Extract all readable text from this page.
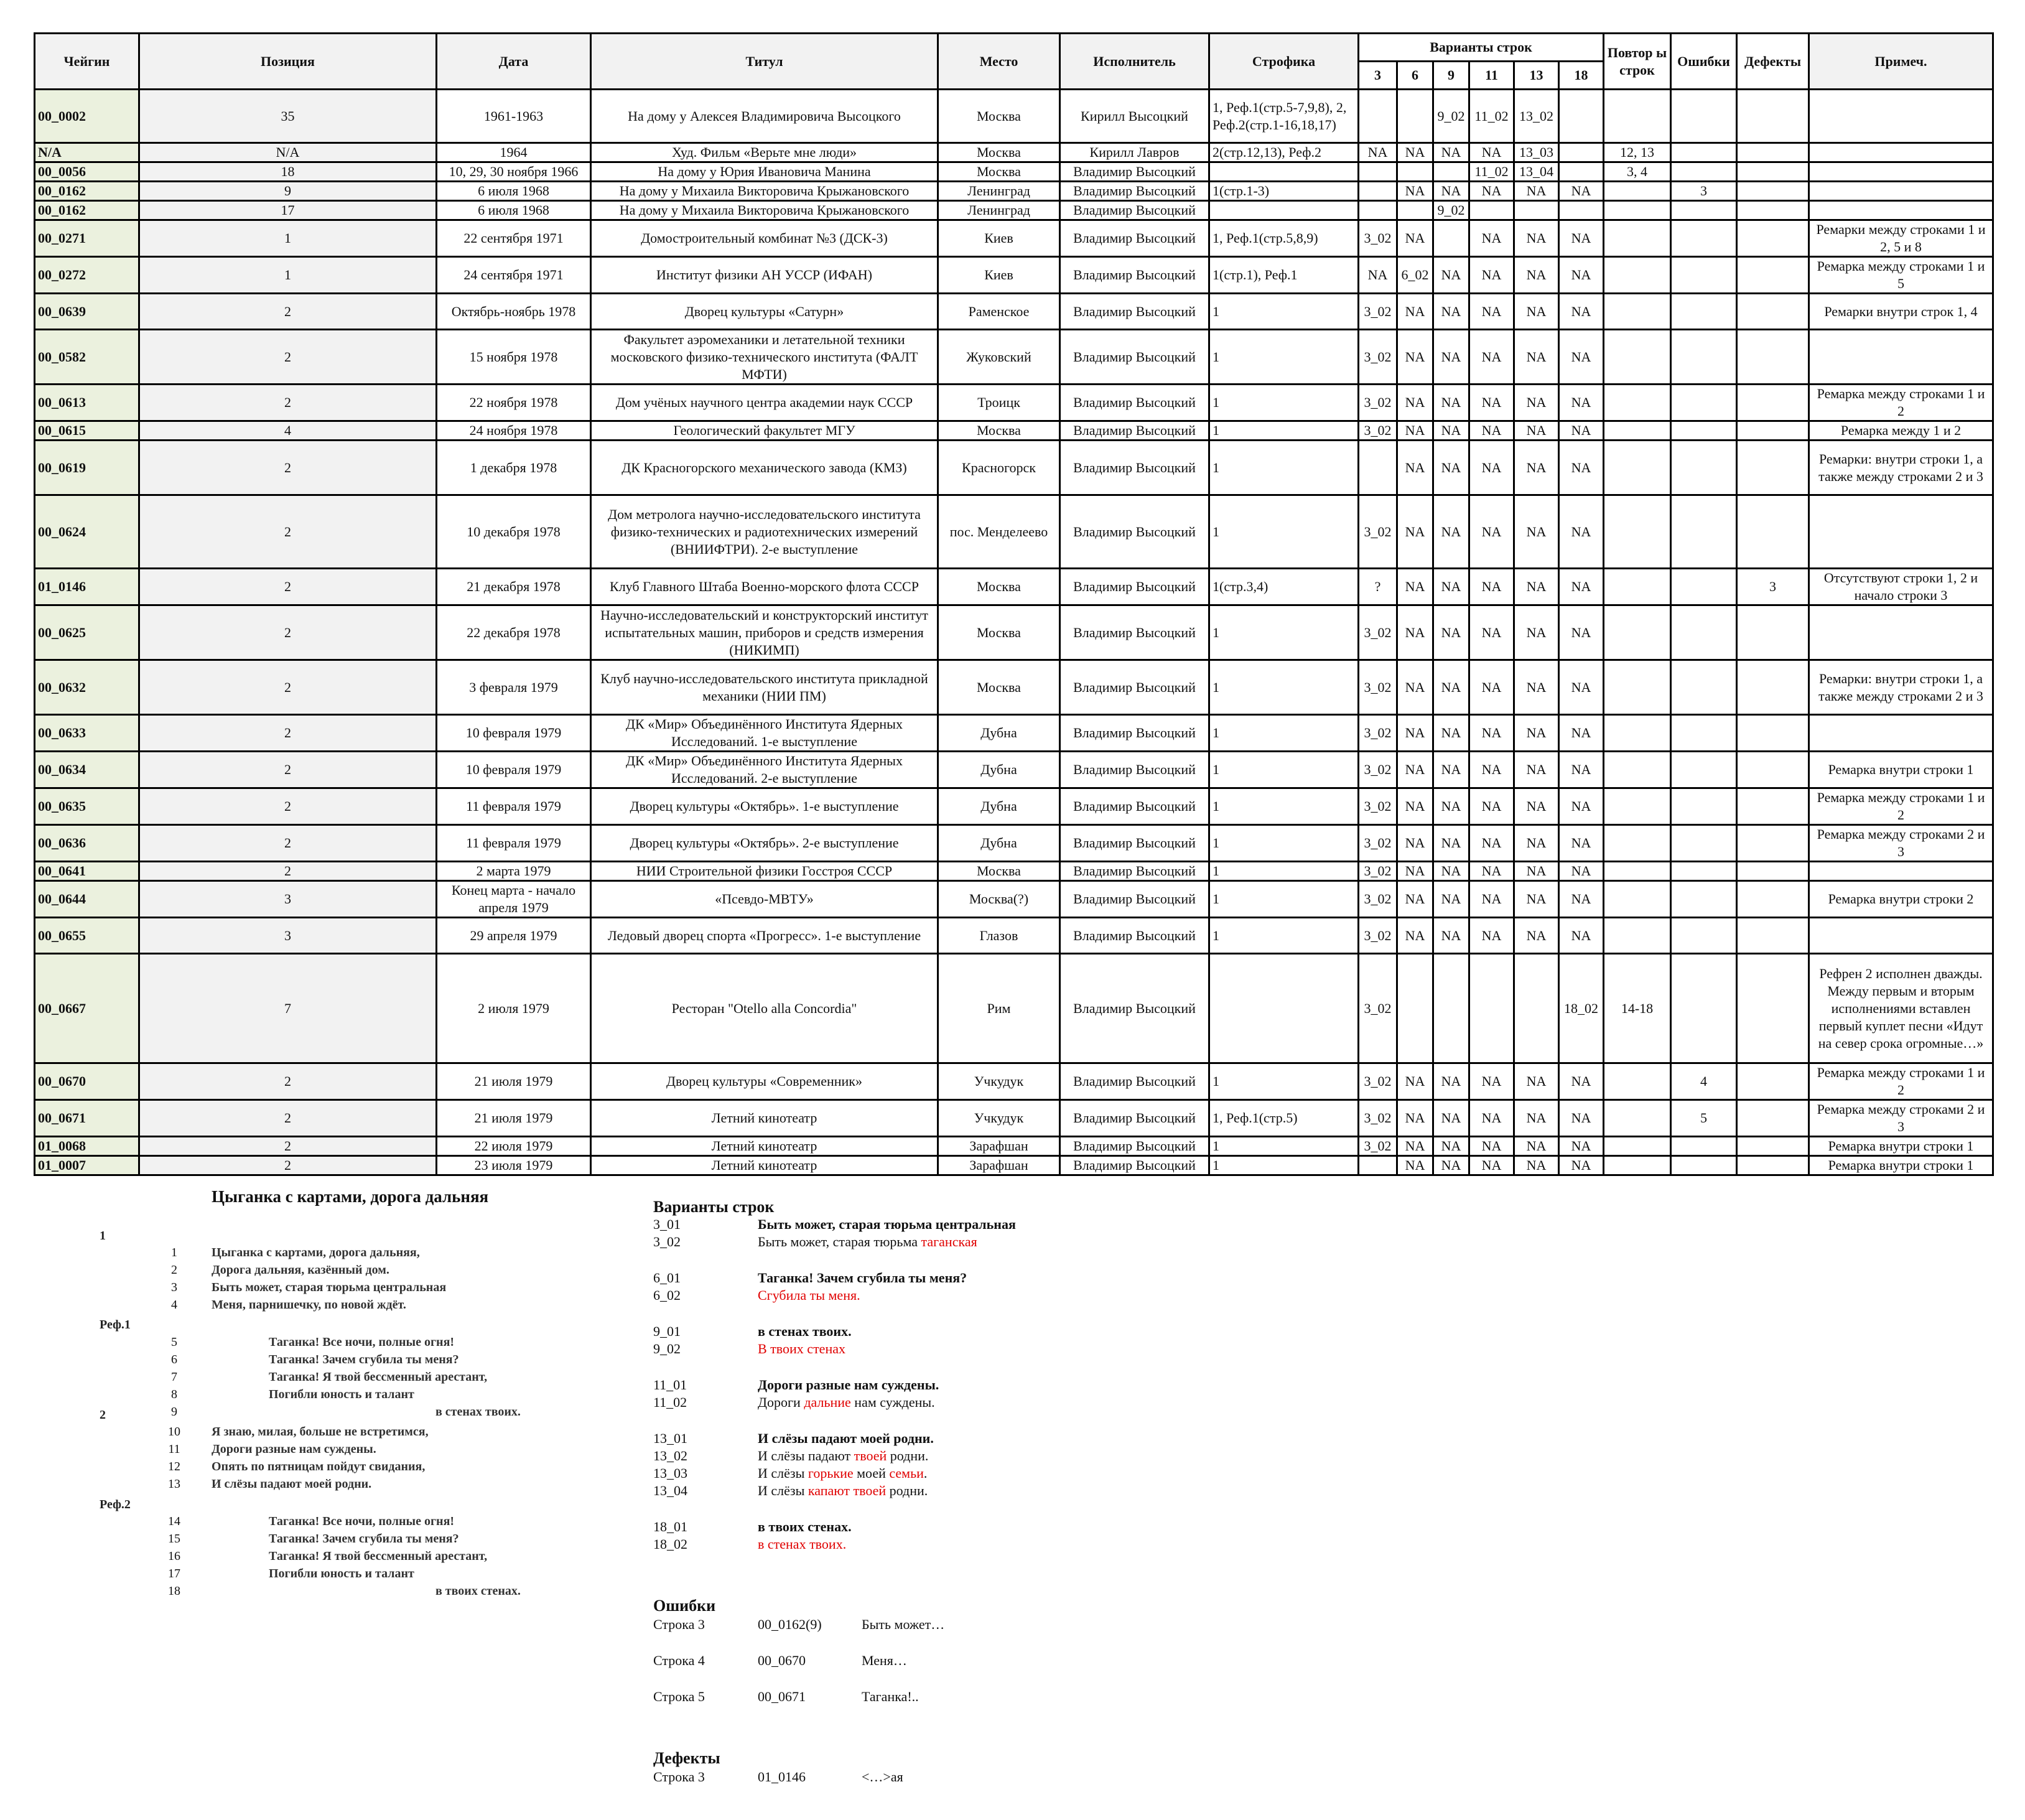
Чейгин	Позиция	Дата	Титул	Место	Исполнитель	Строфика	Варианты строк						Повтор ы строк	Ошибки	Дефекты	Примеч.
							3	6	9	11	13	18				
00_0002	35	1961-1963	На дому у Алексея Владимировича Высоцкого	Москва	Кирилл Высоцкий	1, Реф.1(стр.5-7,9,8), 2, Реф.2(стр.1-16,18,17)			9_02	11_02	13_02					
N/A	N/A	1964	Худ. Фильм «Верьте мне люди»	Москва	Кирилл Лавров	2(стр.12,13), Реф.2	NA	NA	NA	NA	13_03		12, 13			
00_0056	18	10, 29, 30 ноября 1966	На дому у Юрия Ивановича Манина	Москва	Владимир Высоцкий					11_02	13_04		3, 4			
00_0162	9	6 июля 1968	На дому у Михаила Викторовича Крыжановского	Ленинград	Владимир Высоцкий	1(стр.1-3)		NA	NA	NA	NA	NA		3		
00_0162	17	6 июля 1968	На дому у Михаила Викторовича Крыжановского	Ленинград	Владимир Высоцкий				9_02							
00_0271	1	22 сентября 1971	Домостроительный комбинат №3 (ДСК-3)	Киев	Владимир Высоцкий	1, Реф.1(стр.5,8,9)	3_02	NA		NA	NA	NA				Ремарки между строками 1 и 2, 5 и 8
00_0272	1	24 сентября 1971	Институт физики АН УССР (ИФАН)	Киев	Владимир Высоцкий	1(стр.1), Реф.1	NA	6_02	NA	NA	NA	NA				Ремарка между строками 1 и 5
00_0639	2	Октябрь-ноябрь 1978	Дворец культуры «Сатурн»	Раменское	Владимир Высоцкий	1	3_02	NA	NA	NA	NA	NA				Ремарки внутри строк 1, 4
00_0582	2	15 ноября 1978	Факультет аэромеханики и летательной техники московского физико-технического института (ФАЛТ МФТИ)	Жуковский	Владимир Высоцкий	1	3_02	NA	NA	NA	NA	NA				
00_0613	2	22 ноября 1978	Дом учёных научного центра академии наук СССР	Троицк	Владимир Высоцкий	1	3_02	NA	NA	NA	NA	NA				Ремарка между строками 1 и 2
00_0615	4	24 ноября 1978	Геологический факультет МГУ	Москва	Владимир Высоцкий	1	3_02	NA	NA	NA	NA	NA				Ремарка между 1 и 2
00_0619	2	1 декабря 1978	ДК Красногорского механического завода (КМЗ)	Красногорск	Владимир Высоцкий	1		NA	NA	NA	NA	NA				Ремарки: внутри строки 1, а также между строками 2 и 3
00_0624	2	10 декабря 1978	Дом метролога научно-исследовательского института физико-технических и радиотехнических измерений (ВНИИФТРИ). 2-е выступление	пос. Менделеево	Владимир Высоцкий	1	3_02	NA	NA	NA	NA	NA				
01_0146	2	21 декабря 1978	Клуб Главного Штаба Военно-морского флота СССР	Москва	Владимир Высоцкий	1(стр.3,4)	?	NA	NA	NA	NA	NA			3	Отсутствуют строки 1, 2 и начало строки 3
00_0625	2	22 декабря 1978	Научно-исследовательский и конструкторский институт испытательных машин, приборов и средств измерения (НИКИМП)	Москва	Владимир Высоцкий	1	3_02	NA	NA	NA	NA	NA				
00_0632	2	3 февраля 1979	Клуб научно-исследовательского института прикладной механики (НИИ ПМ)	Москва	Владимир Высоцкий	1	3_02	NA	NA	NA	NA	NA				Ремарки: внутри строки 1, а также между строками 2 и 3
00_0633	2	10 февраля 1979	ДК «Мир» Объединённого Института Ядерных Исследований. 1-е выступление	Дубна	Владимир Высоцкий	1	3_02	NA	NA	NA	NA	NA				
00_0634	2	10 февраля 1979	ДК «Мир» Объединённого Института Ядерных Исследований. 2-е выступление	Дубна	Владимир Высоцкий	1	3_02	NA	NA	NA	NA	NA				Ремарка внутри строки 1
00_0635	2	11 февраля 1979	Дворец культуры «Октябрь». 1-е выступление	Дубна	Владимир Высоцкий	1	3_02	NA	NA	NA	NA	NA				Ремарка между строками 1 и 2
00_0636	2	11 февраля 1979	Дворец культуры «Октябрь». 2-е выступление	Дубна	Владимир Высоцкий	1	3_02	NA	NA	NA	NA	NA				Ремарка между строками 2 и 3
00_0641	2	2 марта 1979	НИИ Строительной физики Госстроя СССР	Москва	Владимир Высоцкий	1	3_02	NA	NA	NA	NA	NA				
00_0644	3	Конец марта - начало апреля 1979	«Псевдо-МВТУ»	Москва(?)	Владимир Высоцкий	1	3_02	NA	NA	NA	NA	NA				Ремарка внутри строки 2
00_0655	3	29 апреля 1979	Ледовый дворец спорта «Прогресс». 1-е выступление	Глазов	Владимир Высоцкий	1	3_02	NA	NA	NA	NA	NA				
00_0667	7	2 июля 1979	Ресторан "Otello alla Concordia"	Рим	Владимир Высоцкий		3_02					18_02	14-18			Рефрен 2 исполнен дважды. Между первым и вторым исполнениями вставлен первый куплет песни «Идут на север срока огромные…»
00_0670	2	21 июля 1979	Дворец культуры «Современник»	Учкудук	Владимир Высоцкий	1	3_02	NA	NA	NA	NA	NA		4		Ремарка между строками 1 и 2
00_0671	2	21 июля 1979	Летний кинотеатр	Учкудук	Владимир Высоцкий	1, Реф.1(стр.5)	3_02	NA	NA	NA	NA	NA		5		Ремарка между строками 2 и 3
01_0068	2	22 июля 1979	Летний кинотеатр	Зарафшан	Владимир Высоцкий	1	3_02	NA	NA	NA	NA	NA				Ремарка внутри строки 1
01_0007	2	23 июля 1979	Летний кинотеатр	Зарафшан	Владимир Высоцкий	1		NA	NA	NA	NA	NA				Ремарка внутри строки 1
Цыганка с картами, дорога дальняя
1
Реф.1
2
Реф.2
1	Цыганка с картами, дорога дальняя,
2	Дорога дальняя, казённый дом.
3	Быть может, старая тюрьма центральная
4	Меня, парнишечку, по новой ждёт.
5	Таганка! Все ночи, полные огня!
6	Таганка! Зачем сгубила ты меня?
7	Таганка! Я твой бессменный арестант,
8	Погибли юность и талант
9	в стенах твоих.
10	Я знаю, милая, больше не встретимся,
11	Дороги разные нам суждены.
12	Опять по пятницам пойдут свидания,
13	И слёзы падают моей родни.
14	Таганка! Все ночи, полные огня!
15	Таганка! Зачем сгубила ты меня?
16	Таганка! Я твой бессменный арестант,
17	Погибли юность и талант
18	в твоих стенах.
Варианты строк
3_01	Быть может, старая тюрьма центральная
3_02	Быть может, старая тюрьма таганская
6_01	Таганка! Зачем сгубила ты меня?
6_02	Сгубила ты меня.
9_01	в стенах твоих.
9_02	В твоих стенах
11_01	Дороги разные нам суждены.
11_02	Дороги дальние нам суждены.
13_01	И слёзы падают моей родни.
13_02	И слёзы падают твоей родни.
13_03	И слёзы горькие моей семьи.
13_04	И слёзы капают твоей родни.
18_01	в твоих стенах.
18_02	в стенах твоих.
Ошибки
Строка 3	00_0162(9)	Быть может…
Строка 4	00_0670	Меня…
Строка 5	00_0671	Таганка!..
Дефекты
Строка 3	01_0146	<…>ая
